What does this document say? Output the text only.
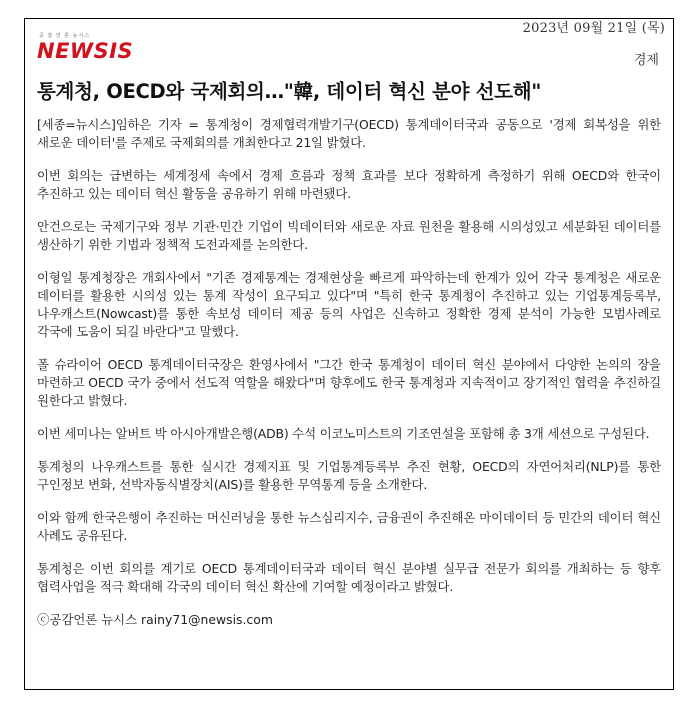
2023년 09월 21일 (목)
공 감 언 론 뉴시스
NEWSIS	경제
통계청, OECD와 국제회의…"韓, 데이터 혁신 분야 선도해"

[세종=뉴시스]임하은 기자 = 통계청이 경제협력개발기구(OECD) 통계데이터국과 공동으로 '경제 회복성을 위한 새로운 데이터'를 주제로 국제회의를 개최한다고 21일 밝혔다.

이번 회의는 급변하는 세계정세 속에서 경제 흐름과 정책 효과를 보다 정확하게 측정하기 위해 OECD와 한국이 추진하고 있는 데이터 혁신 활동을 공유하기 위해 마련됐다.

안건으로는 국제기구와 정부 기관·민간 기업이 빅데이터와 새로운 자료 원천을 활용해 시의성있고 세분화된 데이터를 생산하기 위한 기법과 정책적 도전과제를 논의한다.

이형일 통계청장은 개회사에서 "기존 경제통계는 경제현상을 빠르게 파악하는데 한계가 있어 각국 통계청은 새로운 데이터를 활용한 시의성 있는 통계 작성이 요구되고 있다"며 "특히 한국 통계청이 추진하고 있는 기업통계등록부, 나우캐스트(Nowcast)를 통한 속보성 데이터 제공 등의 사업은 신속하고 정확한 경제 분석이 가능한 모범사례로 각국에 도움이 되길 바란다"고 말했다.

폴 슈라이어 OECD 통계데이터국장은 환영사에서 "그간 한국 통계청이 데이터 혁신 분야에서 다양한 논의의 장을 마련하고 OECD 국가 중에서 선도적 역할을 해왔다"며 향후에도 한국 통계청과 지속적이고 장기적인 협력을 추진하길 원한다고 밝혔다.

이번 세미나는 알버트 박 아시아개발은행(ADB) 수석 이코노미스트의 기조연설을 포함해 총 3개 세션으로 구성된다.

통계청의 나우캐스트를 통한 실시간 경제지표 및 기업통계등록부 추진 현황, OECD의 자연어처리(NLP)를 통한 구인정보 변화, 선박자동식별장치(AIS)를 활용한 무역통계 등을 소개한다.

이와 함께 한국은행이 추진하는 머신러닝을 통한 뉴스심리지수, 금융권이 추진해온 마이데이터 등 민간의 데이터 혁신 사례도 공유된다.

통계청은 이번 회의를 계기로 OECD 통계데이터국과 데이터 혁신 분야별 실무급 전문가 회의를 개최하는 등 향후 협력사업을 적극 확대해 각국의 데이터 혁신 확산에 기여할 예정이라고 밝혔다.

ⓒ공감언론 뉴시스 rainy71@newsis.com
